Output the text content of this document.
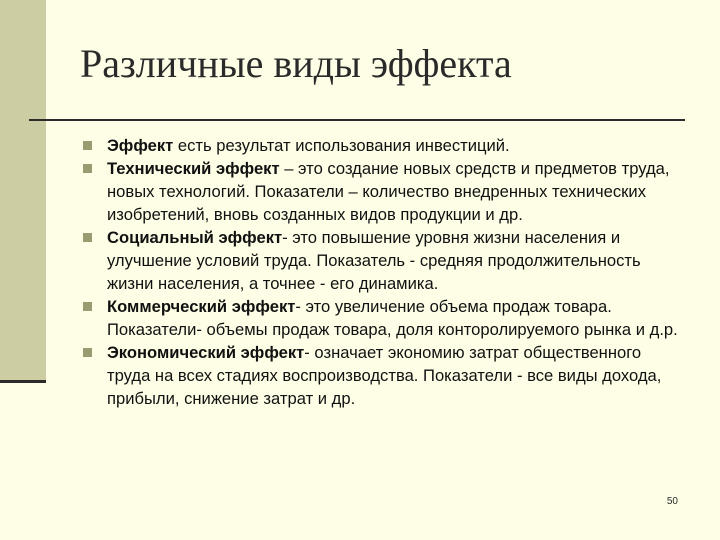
Различные виды эффекта
Эффект есть результат использования инвестиций.
Технический эффект – это создание новых средств и предметов труда, новых технологий. Показатели – количество внедренных технических изобретений, вновь созданных видов продукции и др.
Социальный эффект- это повышение уровня жизни населения и улучшение условий труда. Показатель - средняя продолжительность жизни населения, а точнее - его динамика.
Коммерческий эффект- это увеличение объема продаж товара. Показатели- объемы продаж товара, доля конторолируемого рынка и д.р.
Экономический эффект- означает экономию затрат общественного труда на всех стадиях воспроизводства. Показатели - все виды дохода, прибыли, снижение затрат и др.
50
